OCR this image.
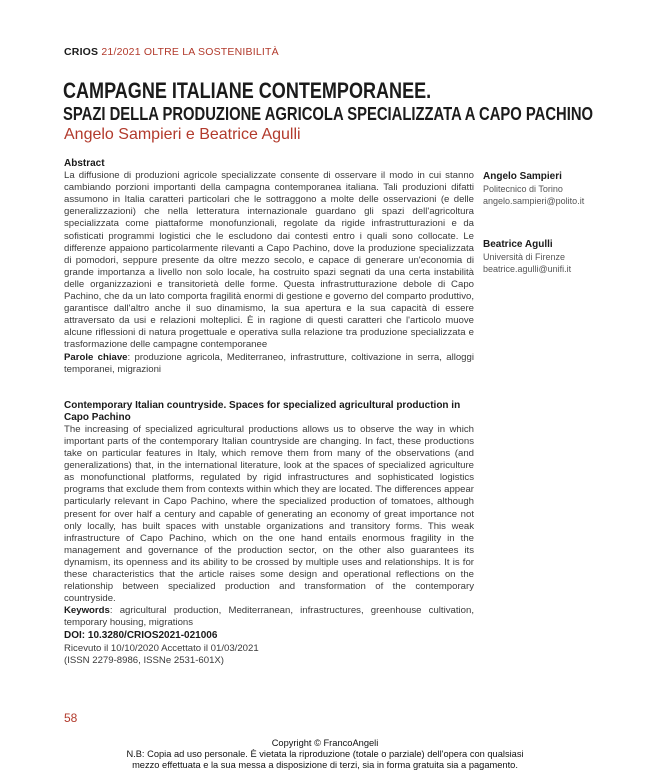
CRIOS 21/2021 OLTRE LA SOSTENIBILITÀ
CAMPAGNE ITALIANE CONTEMPORANEE.
SPAZI DELLA PRODUZIONE AGRICOLA SPECIALIZZATA A CAPO PACHINO
Angelo Sampieri e Beatrice Agulli
Abstract
La diffusione di produzioni agricole specializzate consente di osservare il modo in cui stanno cambiando porzioni importanti della campagna contemporanea italiana. Tali produzioni difatti assumono in Italia caratteri particolari che le sottraggono a molte delle osservazioni (e delle generalizzazioni) che nella letteratura internazionale guardano gli spazi dell'agricoltura specializzata come piattaforme monofunzionali, regolate da rigide infrastrutturazioni e da sofisticati programmi logistici che le escludono dai contesti entro i quali sono collocate. Le differenze appaiono particolarmente rilevanti a Capo Pachino, dove la produzione specializzata di pomodori, seppure presente da oltre mezzo secolo, e capace di generare un'economia di grande importanza a livello non solo locale, ha costruito spazi segnati da una certa instabilità delle organizzazioni e transitorietà delle forme. Questa infrastrutturazione debole di Capo Pachino, che da un lato comporta fragilità enormi di gestione e governo del comparto produttivo, garantisce dall'altro anche il suo dinamismo, la sua apertura e la sua capacità di essere attraversato da usi e relazioni molteplici. È in ragione di questi caratteri che l'articolo muove alcune riflessioni di natura progettuale e operativa sulla relazione tra produzione specializzata e trasformazione delle campagne contemporanee
Parole chiave: produzione agricola, Mediterraneo, infrastrutture, coltivazione in serra, alloggi temporanei, migrazioni
Contemporary Italian countryside. Spaces for specialized agricultural production in Capo Pachino
The increasing of specialized agricultural productions allows us to observe the way in which important parts of the contemporary Italian countryside are changing. In fact, these productions take on particular features in Italy, which remove them from many of the observations (and generalizations) that, in the international literature, look at the spaces of specialized agriculture as monofunctional platforms, regulated by rigid infrastructures and sophisticated logistics programs that exclude them from contexts within which they are located. The differences appear particularly relevant in Capo Pachino, where the specialized production of tomatoes, although present for over half a century and capable of generating an economy of great importance not only locally, has built spaces with unstable organizations and transitory forms. This weak infrastructure of Capo Pachino, which on the one hand entails enormous fragility in the management and governance of the production sector, on the other also guarantees its dynamism, its openness and its ability to be crossed by multiple uses and relationships. It is for these characteristics that the article raises some design and operational reflections on the relationship between specialized production and transformation of the contemporary countryside.
Keywords: agricultural production, Mediterranean, infrastructures, greenhouse cultivation, temporary housing, migrations
DOI: 10.3280/CRIOS2021-021006
Ricevuto il 10/10/2020 Accettato il 01/03/2021
(ISSN 2279-8986, ISSNe 2531-601X)
Angelo Sampieri
Politecnico di Torino
angelo.sampieri@polito.it
Beatrice Agulli
Università di Firenze
beatrice.agulli@unifi.it
58
Copyright © FrancoAngeli
N.B: Copia ad uso personale. È vietata la riproduzione (totale o parziale) dell'opera con qualsiasi
mezzo effettuata e la sua messa a disposizione di terzi, sia in forma gratuita sia a pagamento.
